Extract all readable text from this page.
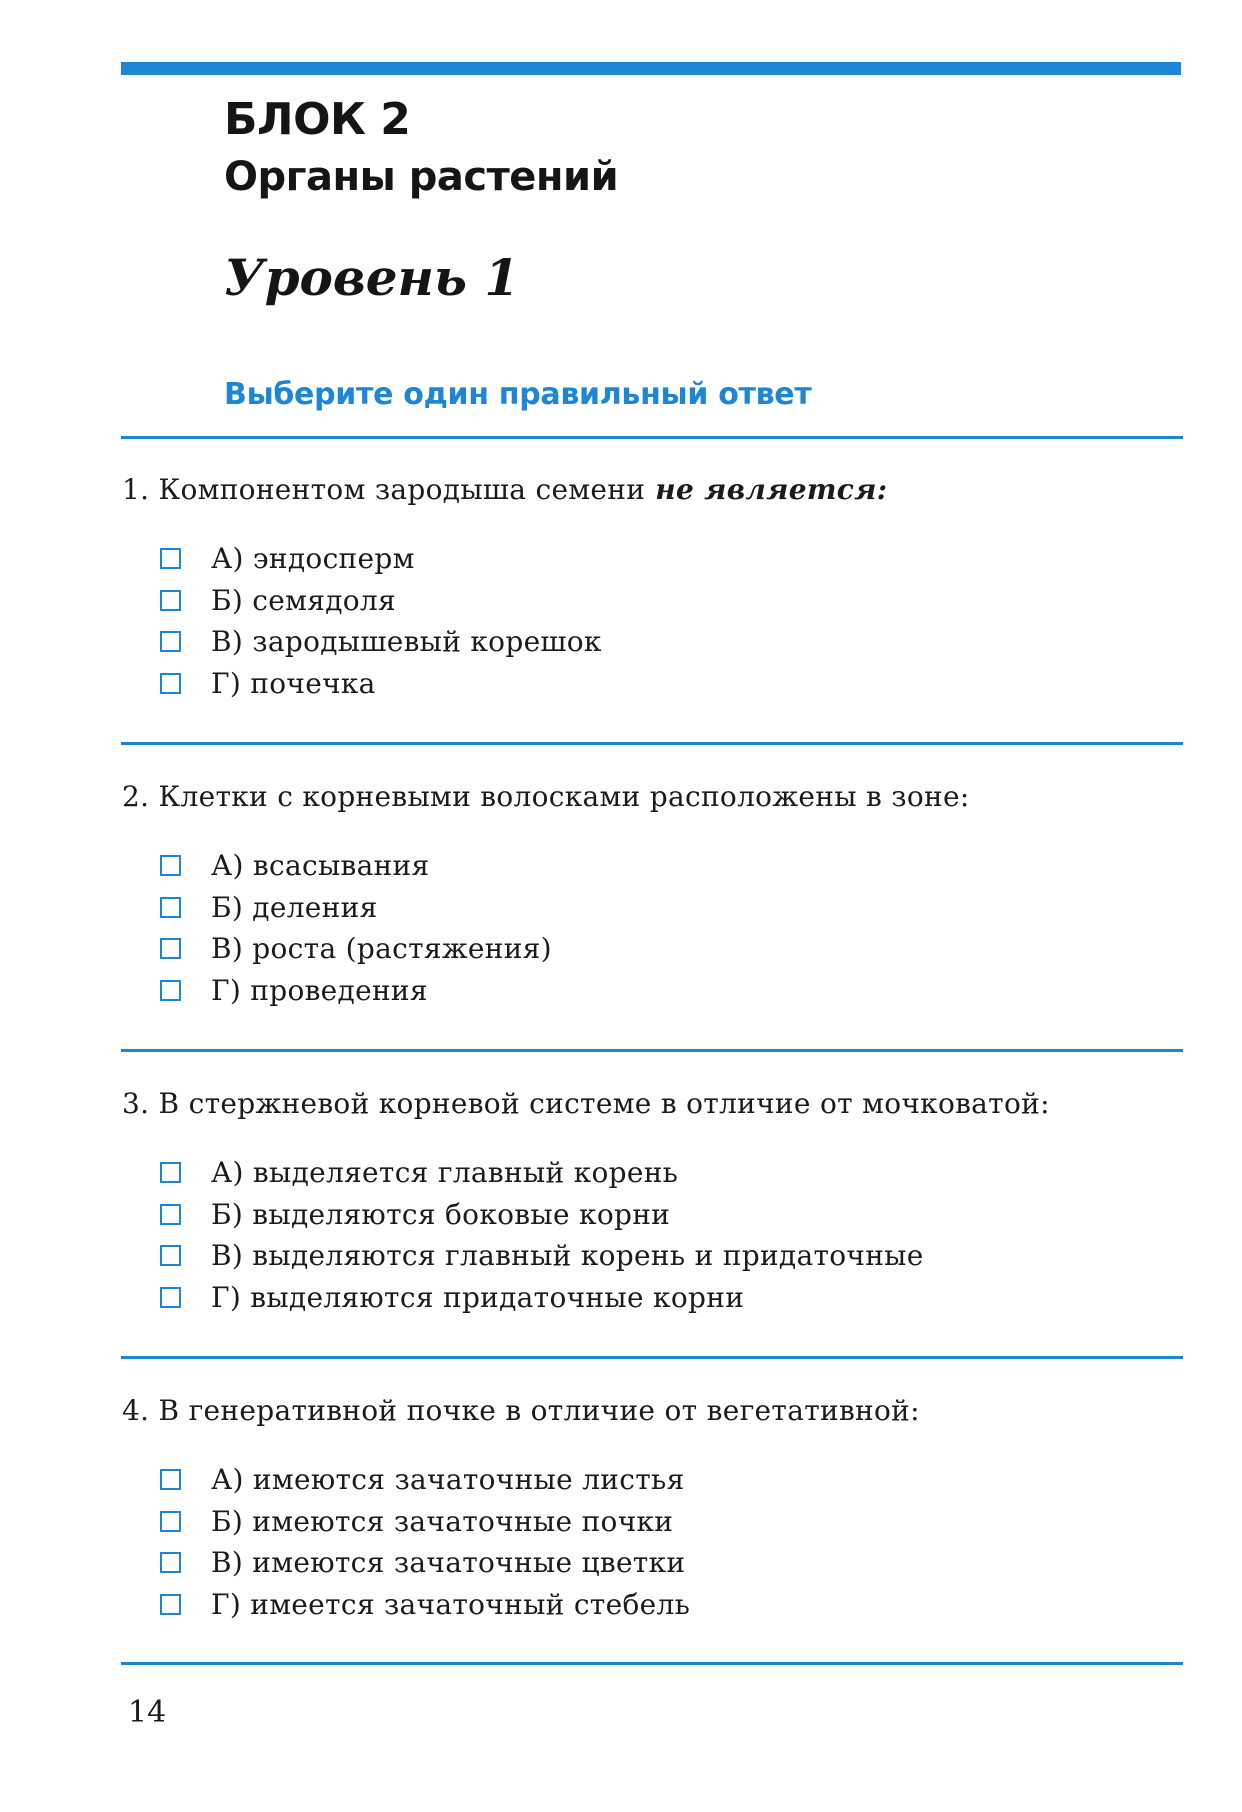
БЛОК 2
Органы растений
Уровень 1
Выберите один правильный ответ
1. Компонентом зародыша семени не является:
А) эндосперм
Б) семядоля
В) зародышевый корешок
Г) почечка
2. Клетки с корневыми волосками расположены в зоне:
А) всасывания
Б) деления
В) роста (растяжения)
Г) проведения
3. В стержневой корневой системе в отличие от мочковатой:
А) выделяется главный корень
Б) выделяются боковые корни
В) выделяются главный корень и придаточные
Г) выделяются придаточные корни
4. В генеративной почке в отличие от вегетативной:
А) имеются зачаточные листья
Б) имеются зачаточные почки
В) имеются зачаточные цветки
Г) имеется зачаточный стебель
14
